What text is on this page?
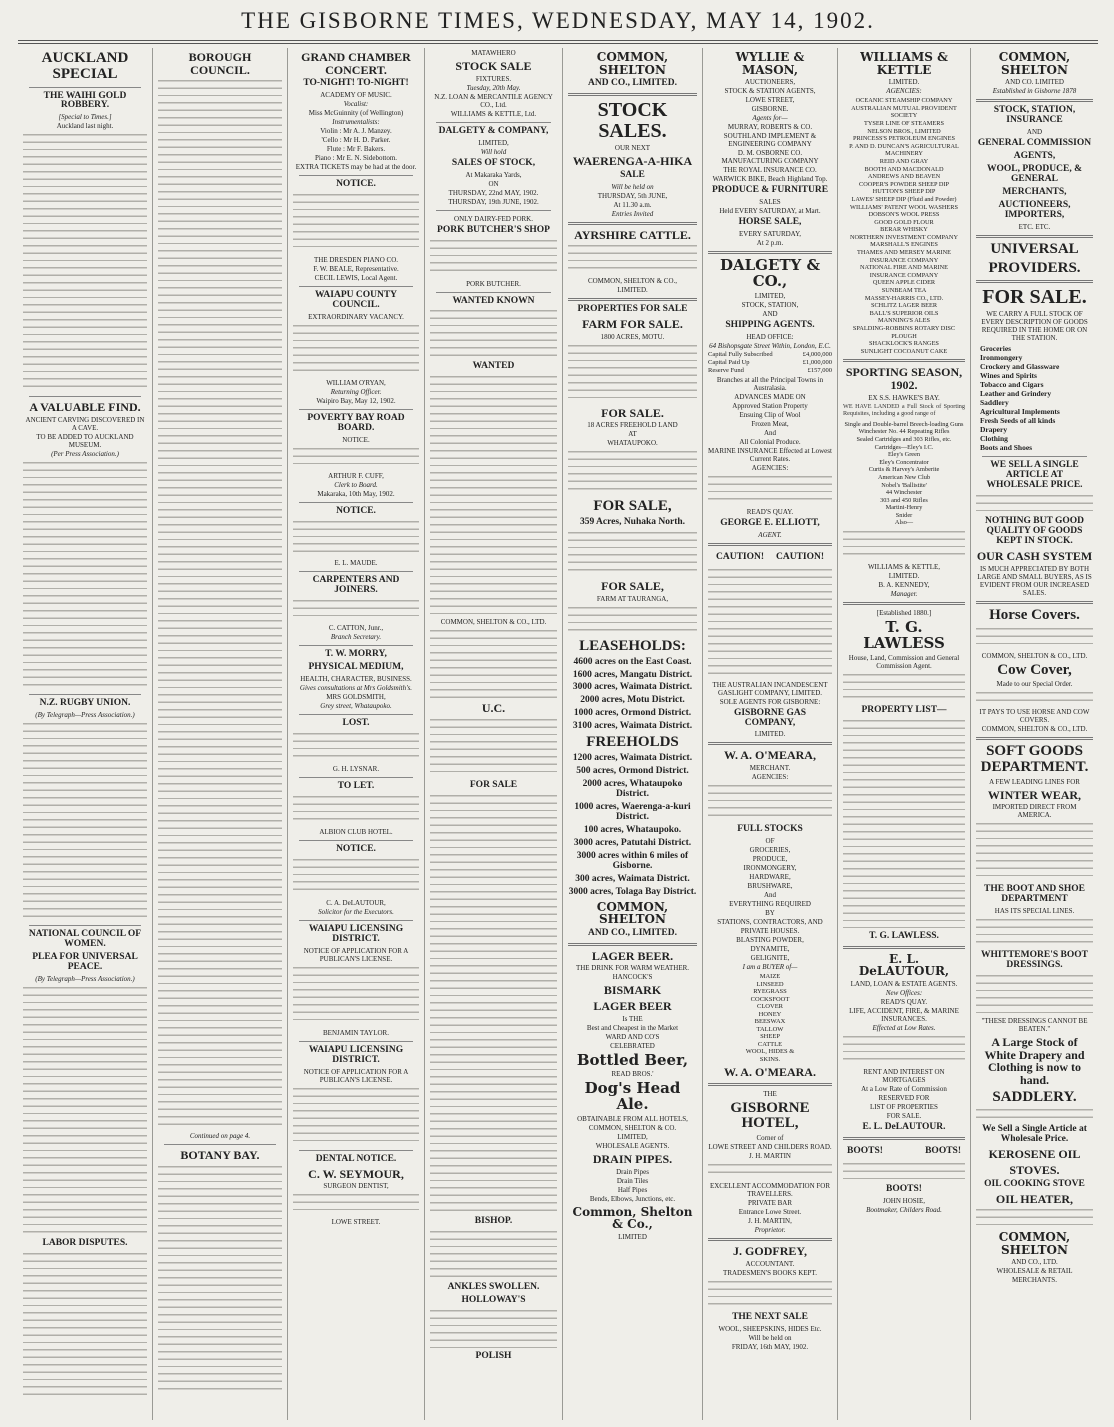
THE GISBORNE TIMES, WEDNESDAY, MAY 14, 1902.
AUCKLAND SPECIAL
THE WAIHI GOLD ROBBERY.
[Special to Times.]
Auckland last night.
A VALUABLE FIND.
ANCIENT CARVING DISCOVERED IN A CAVE.
TO BE ADDED TO AUCKLAND MUSEUM.
(Per Press Association.)
N.Z. RUGBY UNION.
(By Telegraph—Press Association.)
NATIONAL COUNCIL OF WOMEN.
PLEA FOR UNIVERSAL PEACE.
(By Telegraph—Press Association.)
LABOR DISPUTES.
BOROUGH COUNCIL.
Continued on page 4.
BOTANY BAY.
GRAND CHAMBER CONCERT.
TO-NIGHT! TO-NIGHT!
ACADEMY OF MUSIC.
Vocalist:
Miss McGuinnity (of Wellington)
Instrumentalists:
Violin : Mr A. J. Manzey.
'Cello : Mr H. D. Parker.
Flute : Mr F. Bakers.
Piano : Mr E. N. Sidebottom.
EXTRA TICKETS may be had at the door.
NOTICE.
THE DRESDEN PIANO CO.
F. W. BEALE, Representative.
CECIL LEWIS, Local Agent.
WAIAPU COUNTY COUNCIL.
EXTRAORDINARY VACANCY.
WILLIAM O'RYAN,
Returning Officer.
Waipiro Bay, May 12, 1902.
POVERTY BAY ROAD BOARD.
NOTICE.
ARTHUR F. CUFF,
Clerk to Board.
Makaraka, 10th May, 1902.
NOTICE.
E. L. MAUDE.
CARPENTERS AND JOINERS.
C. CATTON, Junr.,
Branch Secretary.
T. W. MORRY,
PHYSICAL MEDIUM,
HEALTH, CHARACTER, BUSINESS.
Gives consultations at Mrs Goldsmith's.
MRS GOLDSMITH,
Grey street, Whataupoko.
LOST.
G. H. LYSNAR.
TO LET.
ALBION CLUB HOTEL.
NOTICE.
C. A. DeLAUTOUR,
Solicitor for the Executors.
WAIAPU LICENSING DISTRICT.
NOTICE OF APPLICATION FOR A PUBLICAN'S LICENSE.
BENJAMIN TAYLOR.
WAIAPU LICENSING DISTRICT.
NOTICE OF APPLICATION FOR A PUBLICAN'S LICENSE.
DENTAL NOTICE.
C. W. SEYMOUR,
SURGEON DENTIST,
LOWE STREET.
MATAWHERO
STOCK SALE
FIXTURES.
Tuesday, 20th May.
N.Z. LOAN & MERCANTILE AGENCY CO., Ltd.
WILLIAMS & KETTLE, Ltd.
DALGETY & COMPANY,
LIMITED,
Will hold
SALES OF STOCK,
At Makaraka Yards,
ON
THURSDAY, 22nd MAY, 1902.
THURSDAY, 19th JUNE, 1902.
ONLY DAIRY-FED PORK.
PORK BUTCHER'S SHOP
PORK BUTCHER.
WANTED KNOWN
WANTED
COMMON, SHELTON & CO., LTD.
U.C.
FOR SALE
BISHOP.
ANKLES SWOLLEN.
HOLLOWAY'S
POLISH
COMMON, SHELTON
AND CO., LIMITED.
STOCK SALES.
OUR NEXT
WAERENGA-A-HIKA
SALE
Will be held on
THURSDAY, 5th JUNE,
At 11.30 a.m.
Entries Invited
AYRSHIRE CATTLE.
COMMON, SHELTON & CO.,
LIMITED.
PROPERTIES FOR SALE
FARM FOR SALE.
1800 ACRES, MOTU.
FOR SALE.
18 ACRES FREEHOLD LAND
AT
WHATAUPOKO.
FOR SALE,
359 Acres, Nuhaka North.
FOR SALE,
FARM AT TAURANGA,
LEASEHOLDS:
4600 acres on the East Coast.
1600 acres, Mangatu District.
3000 acres, Waimata District.
2000 acres, Motu District.
1000 acres, Ormond District.
3100 acres, Waimata District.
FREEHOLDS
1200 acres, Waimata District.
500 acres, Ormond District.
2000 acres, Whataupoko District.
1000 acres, Waerenga-a-kuri District.
100 acres, Whataupoko.
3000 acres, Patutahi District.
3000 acres within 6 miles of Gisborne.
300 acres, Waimata District.
3000 acres, Tolaga Bay District.
COMMON, SHELTON
AND CO., LIMITED.
LAGER BEER.
THE DRINK FOR WARM WEATHER.
HANCOCK'S
BISMARK
LAGER BEER
Is THE
Best and Cheapest in the Market
WARD AND CO'S
CELEBRATED
Bottled Beer,
READ BROS.'
Dog's Head Ale.
OBTAINABLE FROM ALL HOTELS,
COMMON, SHELTON & CO.
LIMITED,
WHOLESALE AGENTS.
DRAIN PIPES.
Drain Pipes
Drain Tiles
Half Pipes
Bends, Elbows, Junctions, etc.
Common, Shelton & Co.,
LIMITED
WYLLIE & MASON,
AUCTIONEERS,
STOCK & STATION AGENTS,
LOWE STREET,
GISBORNE.
Agents for—
MURRAY, ROBERTS & CO.
SOUTHLAND IMPLEMENT & ENGINEERING COMPANY
D. M. OSBORNE CO. MANUFACTURING COMPANY
THE ROYAL INSURANCE CO.
WARWICK BIKE, Beach Highland Top.
PRODUCE & FURNITURE
SALES
Held EVERY SATURDAY, at Mart.
HORSE SALE,
EVERY SATURDAY,
At 2 p.m.
DALGETY & CO.,
LIMITED,
STOCK, STATION,
AND
SHIPPING AGENTS.
HEAD OFFICE:
64 Bishopsgate Street Within, London, E.C.
Capital Fully Subscribed	£4,000,000
Capital Paid Up	£1,000,000
Reserve Fund	£157,000
Branches at all the Principal Towns in Australasia.
ADVANCES MADE ON
Approved Station Property
Ensuing Clip of Wool
Frozen Meat,
And
All Colonial Produce.
MARINE INSURANCE Effected at Lowest Current Rates.
AGENCIES:
READ'S QUAY.
GEORGE E. ELLIOTT,
AGENT.
CAUTION! CAUTION!
THE AUSTRALIAN INCANDESCENT GASLIGHT COMPANY, LIMITED.
SOLE AGENTS FOR GISBORNE:
GISBORNE GAS COMPANY,
LIMITED.
W. A. O'MEARA,
MERCHANT.
AGENCIES:
FULL STOCKS
OF
GROCERIES,
PRODUCE,
IRONMONGERY,
HARDWARE,
BRUSHWARE,
And
EVERYTHING REQUIRED
BY
STATIONS, CONTRACTORS, AND
PRIVATE HOUSES.
BLASTING POWDER,
DYNAMITE,
GELIGNITE,
I am a BUYER of—
MAIZE
LINSEED
RYEGRASS
COCKSFOOT
CLOVER
HONEY
BEESWAX
TALLOW
SHEEP
CATTLE
WOOL, HIDES &
SKINS.
W. A. O'MEARA.
THE
GISBORNE HOTEL,
Corner of
LOWE STREET AND CHILDERS ROAD.
J. H. MARTIN
EXCELLENT ACCOMMODATION FOR TRAVELLERS.
PRIVATE BAR
Entrance Lowe Street.
J. H. MARTIN,
Proprietor.
J. GODFREY,
ACCOUNTANT.
TRADESMEN'S BOOKS KEPT.
THE NEXT SALE
WOOL, SHEEPSKINS, HIDES Etc.
Will be held on
FRIDAY, 16th MAY, 1902.
WILLIAMS & KETTLE
LIMITED.
AGENCIES:
OCEANIC STEAMSHIP COMPANY
AUSTRALIAN MUTUAL PROVIDENT SOCIETY
TYSER LINE OF STEAMERS
NELSON BROS., LIMITED
PRINCESS'S PETROLEUM ENGINES
P. AND D. DUNCAN'S AGRICULTURAL MACHINERY
REID AND GRAY
BOOTH AND MACDONALD
ANDREWS AND BEAVEN
COOPER'S POWDER SHEEP DIP
HUTTON'S SHEEP DIP
LAWES' SHEEP DIP (Fluid and Powder)
WILLIAMS' PATENT WOOL WASHERS
DOBSON'S WOOL PRESS
GOOD GOLD FLOUR
BERAR WHISKY
NORTHERN INVESTMENT COMPANY
MARSHALL'S ENGINES
THAMES AND MERSEY MARINE INSURANCE COMPANY
NATIONAL FIRE AND MARINE INSURANCE COMPANY
QUEEN APPLE CIDER
SUNBEAM TEA
MASSEY-HARRIS CO., LTD.
SCHLITZ LAGER BEER
BALL'S SUPERIOR OILS
MANNING'S ALES
SPALDING-ROBBINS ROTARY DISC PLOUGH
SHACKLOCK'S RANGES
SUNLIGHT COCOANUT CAKE
SPORTING SEASON, 1902.
EX S.S. HAWKE'S BAY.
WE HAVE LANDED a Full Stock of Sporting Requisites, including a good range of
Single and Double-barrel Breech-loading Guns
Winchester No. 44 Repeating Rifles
Sealed Cartridges and 303 Rifles, etc.
Cartridges—Eley's I.C.
Eley's Green
Eley's Concentrator
Curtis & Harvey's Amberite
American New Club
Nobel's 'Ballistite'
44 Winchester
303 and 450 Rifles
Martini-Henry
Snider
Also—
WILLIAMS & KETTLE,
LIMITED.
B. A. KENNEDY,
Manager.
[Established 1880.]
T. G. LAWLESS
House, Land, Commission and General Commission Agent.
PROPERTY LIST—
T. G. LAWLESS.
E. L. DeLAUTOUR,
LAND, LOAN & ESTATE AGENTS.
New Offices:
READ'S QUAY.
LIFE, ACCIDENT, FIRE, & MARINE INSURANCES.
Effected at Low Rates.
RENT AND INTEREST ON MORTGAGES
At a Low Rate of Commission
RESERVED FOR
LIST OF PROPERTIES
FOR SALE.
E. L. DeLAUTOUR.
BOOTS!	BOOTS!
BOOTS!
JOHN HOSIE,
Bootmaker, Childers Road.
COMMON, SHELTON
AND CO. LIMITED
Established in Gisborne 1878
STOCK, STATION, INSURANCE
AND
GENERAL COMMISSION
AGENTS,
WOOL, PRODUCE, & GENERAL
MERCHANTS,
AUCTIONEERS, IMPORTERS,
ETC. ETC.
UNIVERSAL
PROVIDERS.
FOR SALE.
WE CARRY A FULL STOCK OF EVERY DESCRIPTION OF GOODS REQUIRED IN THE HOME OR ON THE STATION.
Groceries
Ironmongery
Crockery and Glassware
Wines and Spirits
Tobacco and Cigars
Leather and Grindery
Saddlery
Agricultural Implements
Fresh Seeds of all kinds
Drapery
Clothing
Boots and Shoes
WE SELL A SINGLE ARTICLE AT WHOLESALE PRICE.
NOTHING BUT GOOD QUALITY OF GOODS KEPT IN STOCK.
OUR CASH SYSTEM
IS MUCH APPRECIATED BY BOTH LARGE AND SMALL BUYERS, AS IS EVIDENT FROM OUR INCREASED SALES.
Horse Covers.
COMMON, SHELTON & CO., LTD.
Cow Cover,
Made to our Special Order.
IT PAYS TO USE HORSE AND COW COVERS.
COMMON, SHELTON & CO., LTD.
SOFT GOODS DEPARTMENT.
A FEW LEADING LINES FOR
WINTER WEAR,
IMPORTED DIRECT FROM AMERICA.
THE BOOT AND SHOE DEPARTMENT
HAS ITS SPECIAL LINES.
WHITTEMORE'S BOOT DRESSINGS.
"THESE DRESSINGS CANNOT BE BEATEN."
A Large Stock of White Drapery and Clothing is now to hand.
SADDLERY.
We Sell a Single Article at Wholesale Price.
KEROSENE OIL
STOVES.
OIL COOKING STOVE
OIL HEATER,
COMMON, SHELTON
AND CO., LTD.
WHOLESALE & RETAIL
MERCHANTS.
